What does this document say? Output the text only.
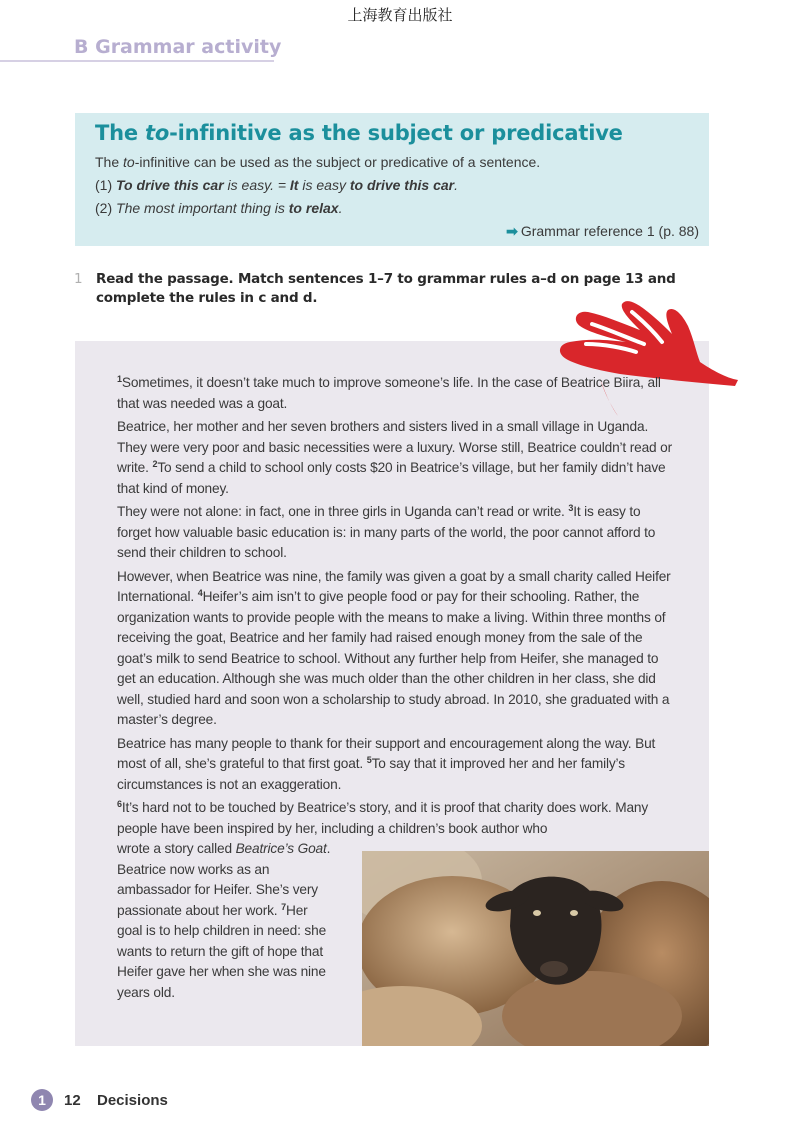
上海教育出版社
B Grammar activity
The to-infinitive as the subject or predicative
The to-infinitive can be used as the subject or predicative of a sentence.
(1) To drive this car is easy. = It is easy to drive this car.
(2) The most important thing is to relax.
➡ Grammar reference 1 (p. 88)
1 Read the passage. Match sentences 1–7 to grammar rules a–d on page 13 and complete the rules in c and d.

$^1$Sometimes, it doesn’t take much to improve someone’s life. In the case of Beatrice Biira, all that was needed was a goat.

Beatrice, her mother and her seven brothers and sisters lived in a small village in Uganda. They were very poor and basic necessities were a luxury. Worse still, Beatrice couldn’t read or write. $^2$To send a child to school only costs $20 in Beatrice’s village, but her family didn’t have that kind of money.

They were not alone: in fact, one in three girls in Uganda can’t read or write. $^3$It is easy to forget how valuable basic education is: in many parts of the world, the poor cannot afford to send their children to school.

However, when Beatrice was nine, the family was given a goat by a small charity called Heifer International. $^4$Heifer’s aim isn’t to give people food or pay for their schooling. Rather, the organization wants to provide people with the means to make a living. Within three months of receiving the goat, Beatrice and her family had raised enough money from the sale of the goat’s milk to send Beatrice to school. Without any further help from Heifer, she managed to get an education. Although she was much older than the other children in her class, she did well, studied hard and soon won a scholarship to study abroad. In 2010, she graduated with a master’s degree.

Beatrice has many people to thank for their support and encouragement along the way. But most of all, she’s grateful to that first goat. $^5$To say that it improved her and her family’s circumstances is not an exaggeration.

$^6$It’s hard not to be touched by Beatrice’s story, and it is proof that charity does work. Many people have been inspired by her, including a children’s book author who

wrote a story called Beatrice’s Goat. Beatrice now works as an ambassador for Heifer. She’s very passionate about her work. $^7$Her goal is to help children in need: she wants to return the gift of hope that Heifer gave her when she was nine years old.

1	12 Decisions
